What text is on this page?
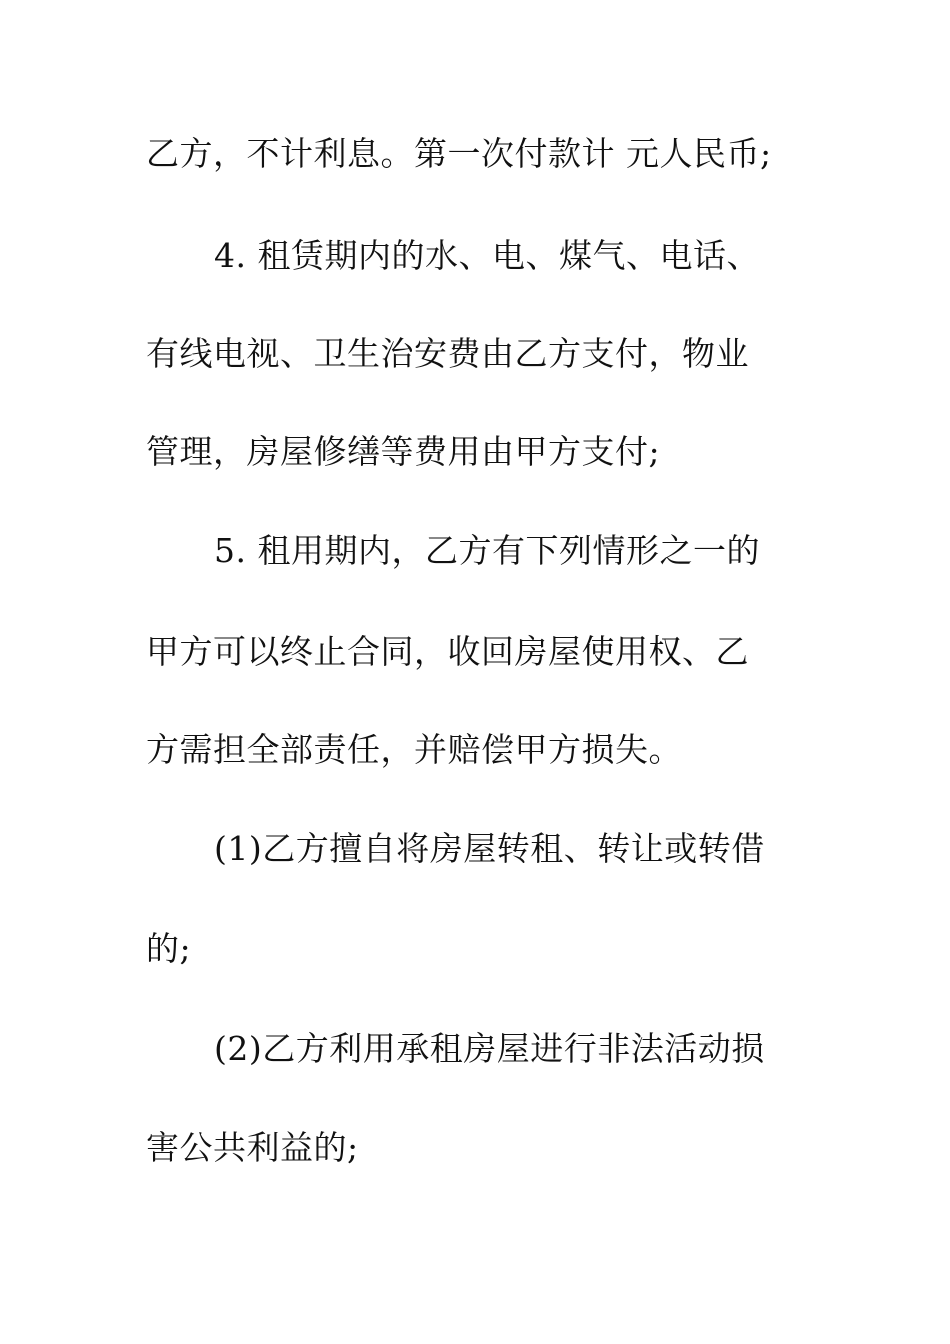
乙方，不计利息。第一次付款计 元人民币;
4. 租赁期内的水、电、煤气、电话、
有线电视、卫生治安费由乙方支付，物业
管理，房屋修缮等费用由甲方支付;
5. 租用期内，乙方有下列情形之一的
甲方可以终止合同，收回房屋使用权、乙
方需担全部责任，并赔偿甲方损失。
(1)乙方擅自将房屋转租、转让或转借
的;
(2)乙方利用承租房屋进行非法活动损
害公共利益的;
